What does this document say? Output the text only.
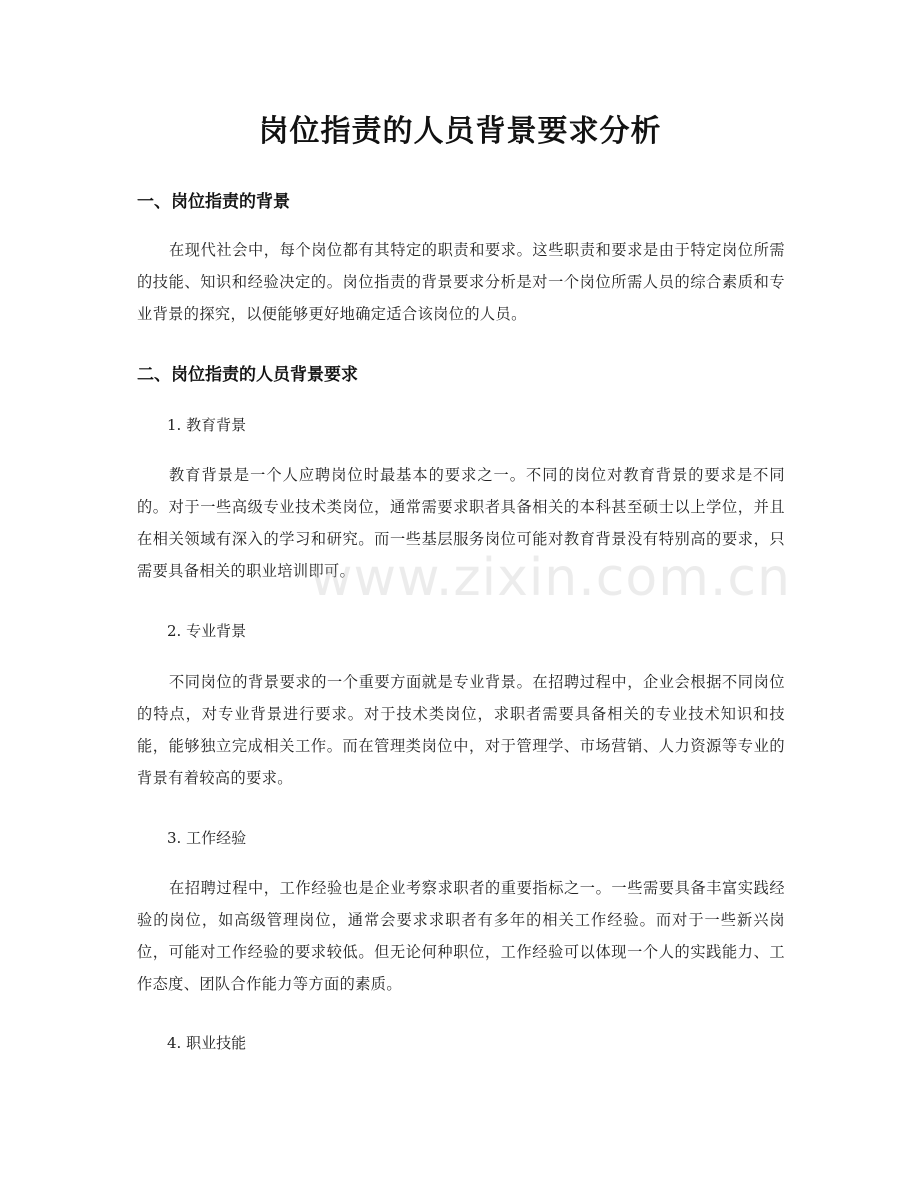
岗位指责的人员背景要求分析
一、岗位指责的背景
在现代社会中，每个岗位都有其特定的职责和要求。这些职责和要求是由于特定岗位所需的技能、知识和经验决定的。岗位指责的背景要求分析是对一个岗位所需人员的综合素质和专业背景的探究，以便能够更好地确定适合该岗位的人员。
二、岗位指责的人员背景要求
1. 教育背景
教育背景是一个人应聘岗位时最基本的要求之一。不同的岗位对教育背景的要求是不同的。对于一些高级专业技术类岗位，通常需要求职者具备相关的本科甚至硕士以上学位，并且在相关领域有深入的学习和研究。而一些基层服务岗位可能对教育背景没有特别高的要求，只需要具备相关的职业培训即可。
2. 专业背景
不同岗位的背景要求的一个重要方面就是专业背景。在招聘过程中，企业会根据不同岗位的特点，对专业背景进行要求。对于技术类岗位，求职者需要具备相关的专业技术知识和技能，能够独立完成相关工作。而在管理类岗位中，对于管理学、市场营销、人力资源等专业的背景有着较高的要求。
3. 工作经验
在招聘过程中，工作经验也是企业考察求职者的重要指标之一。一些需要具备丰富实践经验的岗位，如高级管理岗位，通常会要求求职者有多年的相关工作经验。而对于一些新兴岗位，可能对工作经验的要求较低。但无论何种职位，工作经验可以体现一个人的实践能力、工作态度、团队合作能力等方面的素质。
4. 职业技能
www.zixin.com.cn
